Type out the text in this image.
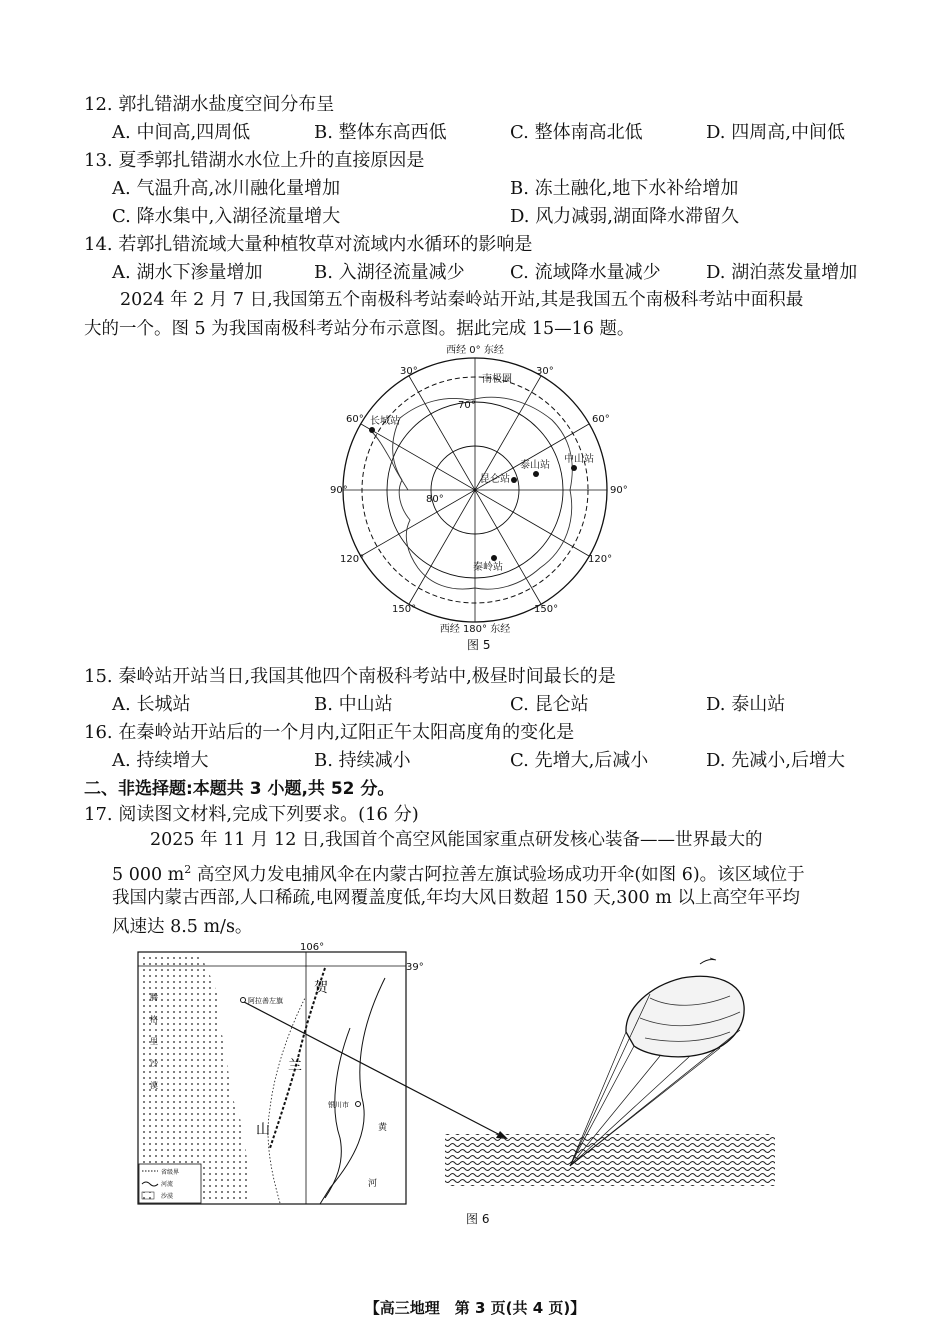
12. 郭扎错湖水盐度空间分布呈
A. 中间高,四周低	B. 整体东高西低	C. 整体南高北低	D. 四周高,中间低
13. 夏季郭扎错湖水水位上升的直接原因是
A. 气温升高,冰川融化量增加	B. 冻土融化,地下水补给增加
C. 降水集中,入湖径流量增大	D. 风力减弱,湖面降水滞留久
14. 若郭扎错流域大量种植牧草对流域内水循环的影响是
A. 湖水下渗量增加	B. 入湖径流量减少	C. 流域降水量减少	D. 湖泊蒸发量增加
2024 年 2 月 7 日,我国第五个南极科考站秦岭站开站,其是我国五个南极科考站中面积最
大的一个。图 5 为我国南极科考站分布示意图。据此完成 15—16 题。
西经 0° 东经
南极圈
70°
80°
30°	30°
60°	60°
90°	90°
120°	120°
150°	150°
长城站
泰山站
中山站
昆仑站
秦岭站
西经 180° 东经
图 5
15. 秦岭站开站当日,我国其他四个南极科考站中,极昼时间最长的是
A. 长城站	B. 中山站	C. 昆仑站	D. 泰山站
16. 在秦岭站开站后的一个月内,辽阳正午太阳高度角的变化是
A. 持续增大	B. 持续减小	C. 先增大,后减小	D. 先减小,后增大
二、非选择题:本题共 3 小题,共 52 分。
17. 阅读图文材料,完成下列要求。(16 分)
2025 年 11 月 12 日,我国首个高空风能国家重点研发核心装备——世界最大的
5 000 $m^2$ 高空风力发电捕风伞在内蒙古阿拉善左旗试验场成功开伞(如图 6)。该区域位于
我国内蒙古西部,人口稀疏,电网覆盖度低,年均大风日数超 150 天,300 m 以上高空年平均
风速达 8.5 m/s。
106°
39°
阿拉善左旗
银川市
贺
兰
山
腾
格
里
沙
漠
黄
河
省级界
河流
沙漠
图 6
【高三地理　第 3 页(共 4 页)】
